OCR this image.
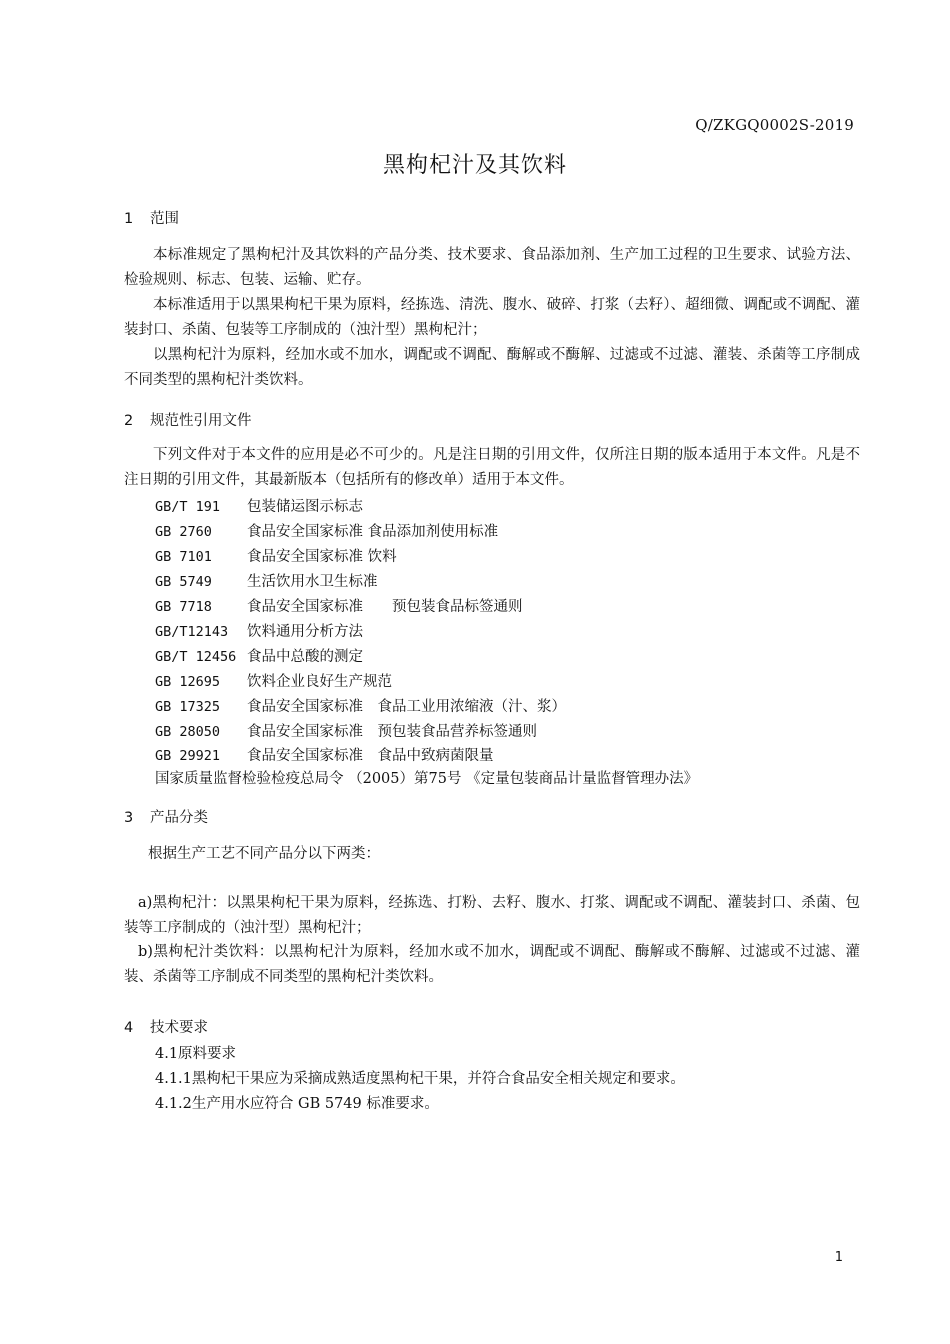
Q/ZKGQ0002S-2019
黑枸杞汁及其饮料
1 范围

本标准规定了黑枸杞汁及其饮料的产品分类、技术要求、食品添加剂、生产加工过程的卫生要求、试验方法、检验规则、标志、包装、运输、贮存。

本标准适用于以黑果枸杞干果为原料，经拣选、清洗、腹水、破碎、打浆（去籽）、超细微、调配或不调配、灌装封口、杀菌、包装等工序制成的（浊汁型）黑枸杞汁；

以黑枸杞汁为原料，经加水或不加水，调配或不调配、酶解或不酶解、过滤或不过滤、灌装、杀菌等工序制成不同类型的黑枸杞汁类饮料。

2 规范性引用文件

下列文件对于本文件的应用是必不可少的。凡是注日期的引用文件，仅所注日期的版本适用于本文件。凡是不注日期的引用文件，其最新版本（包括所有的修改单）适用于本文件。

GB/T 191 包装储运图示标志
GB 2760 食品安全国家标准 食品添加剂使用标准
GB 7101 食品安全国家标准 饮料
GB 5749 生活饮用水卫生标准
GB 7718 食品安全国家标准　　预包装食品标签通则
GB/T12143 饮料通用分析方法
GB/T 12456 食品中总酸的测定
GB 12695 饮料企业良好生产规范
GB 17325 食品安全国家标准　食品工业用浓缩液（汁、浆）
GB 28050 食品安全国家标准　预包装食品营养标签通则
GB 29921 食品安全国家标准　食品中致病菌限量
国家质量监督检验检疫总局令 （2005）第75号 《定量包装商品计量监督管理办法》
3 产品分类
根据生产工艺不同产品分以下两类：

a)黑枸杞汁：以黑果枸杞干果为原料，经拣选、打粉、去籽、腹水、打浆、调配或不调配、灌装封口、杀菌、包装等工序制成的（浊汁型）黑枸杞汁；

b)黑枸杞汁类饮料：以黑枸杞汁为原料，经加水或不加水，调配或不调配、酶解或不酶解、过滤或不过滤、灌装、杀菌等工序制成不同类型的黑枸杞汁类饮料。

4 技术要求
4.1原料要求
4.1.1黑枸杞干果应为采摘成熟适度黑枸杞干果，并符合食品安全相关规定和要求。
4.1.2生产用水应符合 GB 5749 标准要求。
1
